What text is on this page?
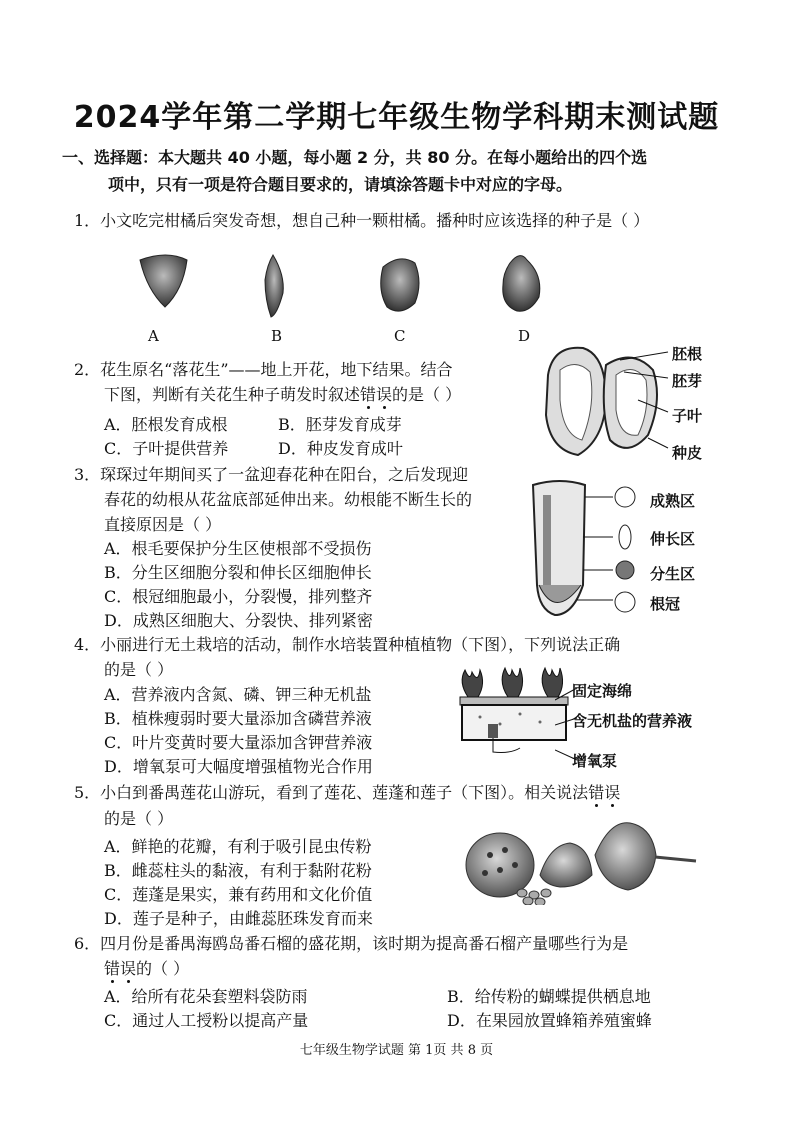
2024学年第二学期七年级生物学科期末测试题
一、选择题：本大题共 40 小题，每小题 2 分，共 80 分。在每小题给出的四个选
项中，只有一项是符合题目要求的，请填涂答题卡中对应的字母。
1．小文吃完柑橘后突发奇想，想自己种一颗柑橘。播种时应该选择的种子是（ ）
A	B	C	D
2．花生原名“落花生”——地上开花，地下结果。结合
下图，判断有关花生种子萌发时叙述错误的是（ ）
A．胚根发育成根	B．胚芽发育成芽
C．子叶提供营养	D．种皮发育成叶
胚根
胚芽
子叶
种皮
3．琛琛过年期间买了一盆迎春花种在阳台，之后发现迎
春花的幼根从花盆底部延伸出来。幼根能不断生长的
直接原因是（ ）
A．根毛要保护分生区使根部不受损伤
B．分生区细胞分裂和伸长区细胞伸长
C．根冠细胞最小，分裂慢，排列整齐
D．成熟区细胞大、分裂快、排列紧密
成熟区
伸长区
分生区
根冠
4．小丽进行无土栽培的活动，制作水培装置种植植物（下图），下列说法正确
的是（ ）
A．营养液内含氮、磷、钾三种无机盐
B．植株瘦弱时要大量添加含磷营养液
C．叶片变黄时要大量添加含钾营养液
D．增氧泵可大幅度增强植物光合作用
固定海绵
含无机盐的营养液
增氧泵
5．小白到番禺莲花山游玩，看到了莲花、莲蓬和莲子（下图）。相关说法错误
的是（ ）
A．鲜艳的花瓣，有利于吸引昆虫传粉
B．雌蕊柱头的黏液，有利于黏附花粉
C．莲蓬是果实，兼有药用和文化价值
D．莲子是种子，由雌蕊胚珠发育而来
6．四月份是番禺海鸥岛番石榴的盛花期，该时期为提高番石榴产量哪些行为是
错误的（ ）
A．给所有花朵套塑料袋防雨	B．给传粉的蝴蝶提供栖息地
C．通过人工授粉以提高产量	D．在果园放置蜂箱养殖蜜蜂
七年级生物学试题 第 1页 共 8 页
